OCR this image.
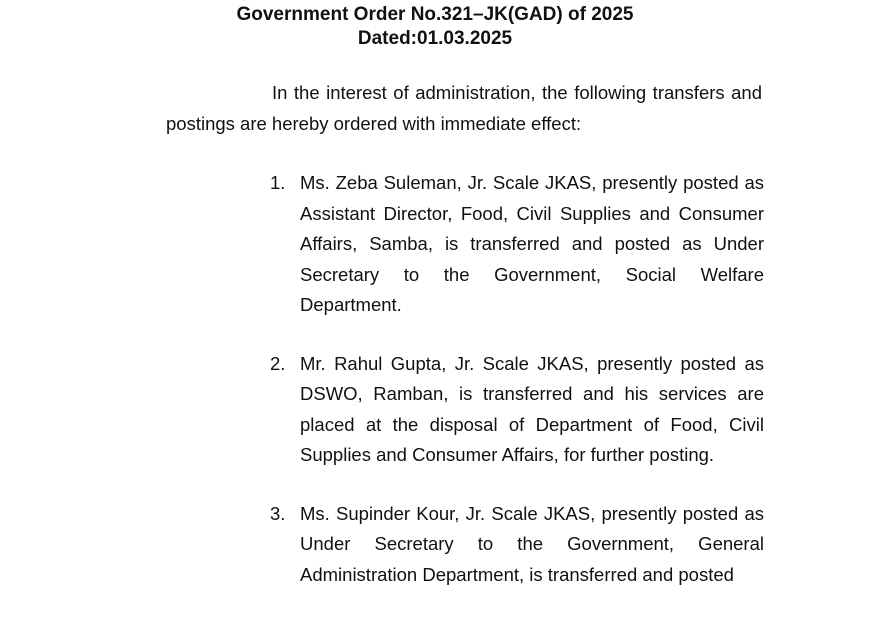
Government Order No.321–JK(GAD) of 2025
Dated:01.03.2025

In the interest of administration, the following transfers and postings are hereby ordered with immediate effect:

1. Ms. Zeba Suleman, Jr. Scale JKAS, presently posted as Assistant Director, Food, Civil Supplies and Consumer Affairs, Samba, is transferred and posted as Under Secretary to the Government, Social Welfare Department.
2. Mr. Rahul Gupta, Jr. Scale JKAS, presently posted as DSWO, Ramban, is transferred and his services are placed at the disposal of Department of Food, Civil Supplies and Consumer Affairs, for further posting.
3. Ms. Supinder Kour, Jr. Scale JKAS, presently posted as Under Secretary to the Government, General Administration Department, is transferred and posted
